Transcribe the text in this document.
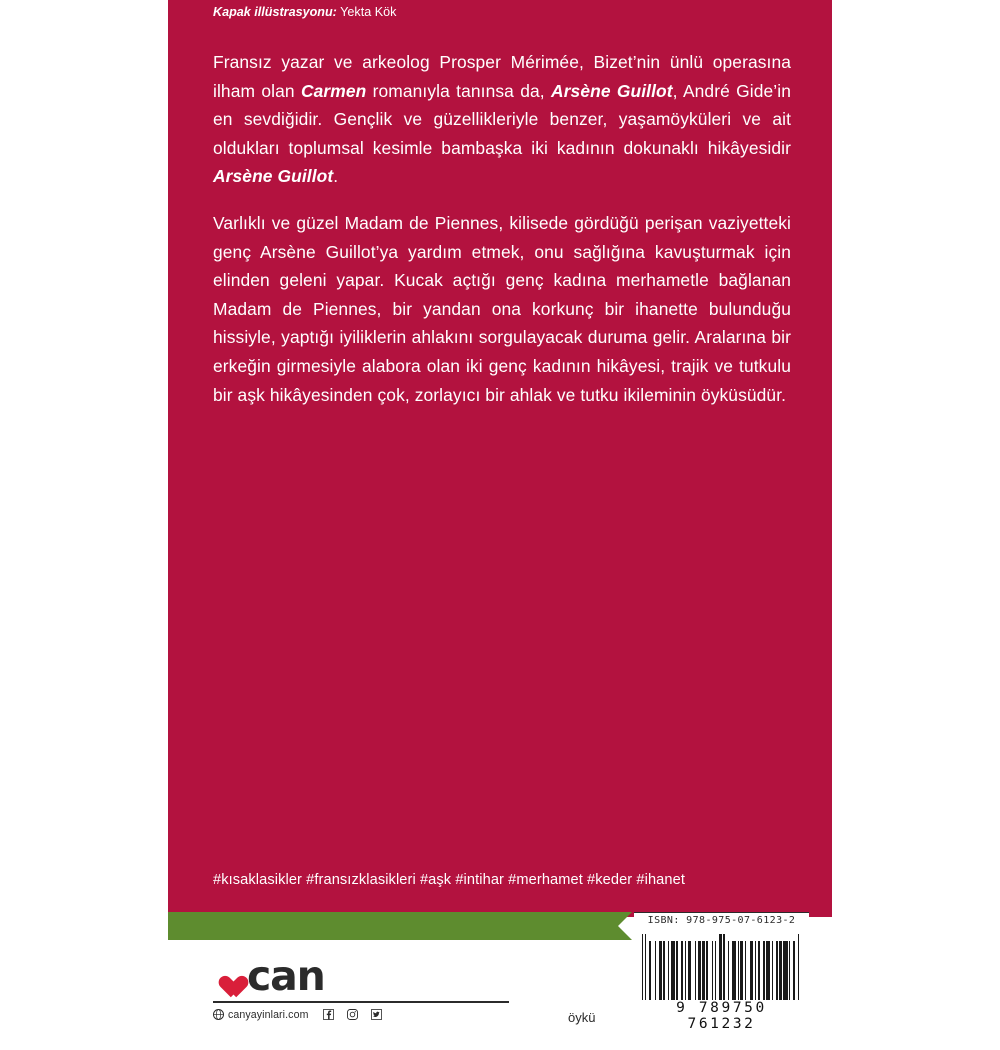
Fransız yazar ve arkeolog Prosper Mérimée, Bizet’nin ünlü operasına ilham olan Carmen romanıyla tanınsa da, Arsène Guillot, André Gide’in en sevdiğidir. Gençlik ve güzellikleriyle benzer, yaşamöyküleri ve ait oldukları toplumsal kesimle bambaşka iki kadının dokunaklı hikâyesidir Arsène Guillot.

Varlıklı ve güzel Madam de Piennes, kilisede gördüğü perişan vaziyetteki genç Arsène Guillot’ya yardım etmek, onu sağlığına kavuşturmak için elinden geleni yapar. Kucak açtığı genç kadına merhametle bağlanan Madam de Piennes, bir yandan ona korkunç bir ihanette bulunduğu hissiyle, yaptığı iyiliklerin ahlakını sorgulayacak duruma gelir. Aralarına bir erkeğin girmesiyle alabora olan iki genç kadının hikâyesi, trajik ve tutkulu bir aşk hikâyesinden çok, zorlayıcı bir ahlak ve tutku ikileminin öyküsüdür.

#kısaklasikler #fransızklasikleri #aşk #intihar #merhamet #keder #ihanet
Kapak illüstrasyonu: Yekta Kök
can
canyayinlari.com	öykü
ISBN: 978-975-07-6123-2
9 789750 761232
